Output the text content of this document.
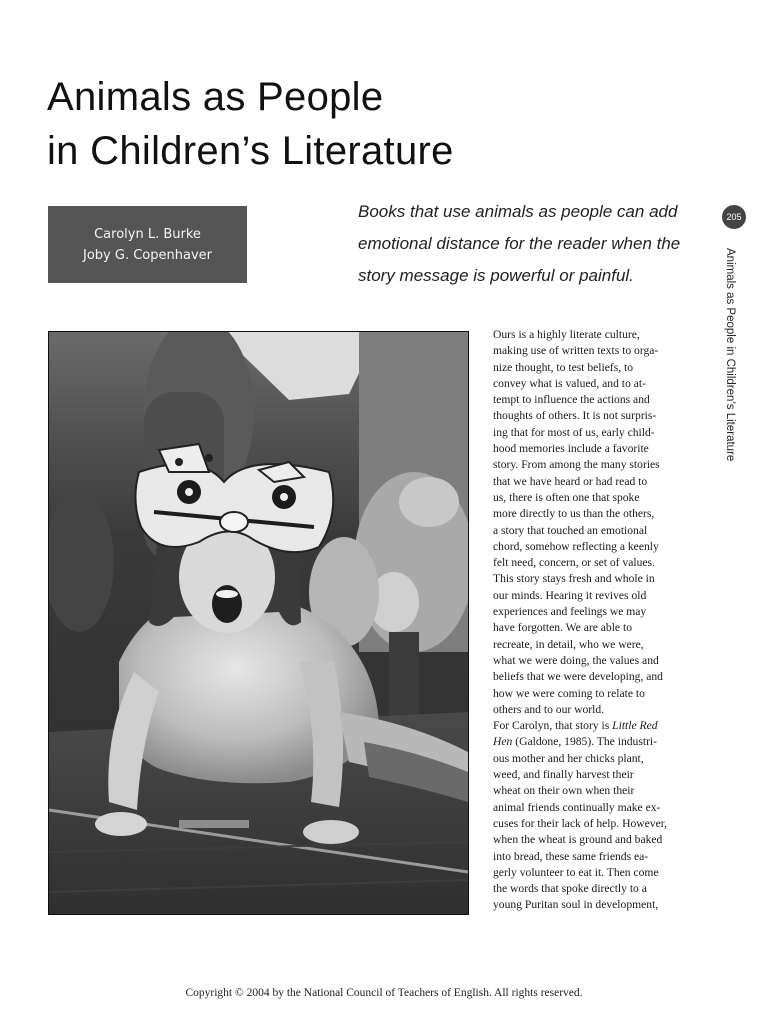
Animals as People
in Children’s Literature
Carolyn L. Burke
Joby G. Copenhaver

Books that use animals as people can add
emotional distance for the reader when the
story message is powerful or painful.

205
Animals as People in Children’s Literature

Ours is a highly literate culture,
making use of written texts to orga-
nize thought, to test beliefs, to
convey what is valued, and to at-
tempt to influence the actions and
thoughts of others. It is not surpris-
ing that for most of us, early child-
hood memories include a favorite
story. From among the many stories
that we have heard or had read to
us, there is often one that spoke
more directly to us than the others,
a story that touched an emotional
chord, somehow reflecting a keenly
felt need, concern, or set of values.
This story stays fresh and whole in
our minds. Hearing it revives old
experiences and feelings we may
have forgotten. We are able to
recreate, in detail, who we were,
what we were doing, the values and
beliefs that we were developing, and
how we were coming to relate to
others and to our world.

For Carolyn, that story is Little Red
Hen (Galdone, 1985). The industri-
ous mother and her chicks plant,
weed, and finally harvest their
wheat on their own when their
animal friends continually make ex-
cuses for their lack of help. However,
when the wheat is ground and baked
into bread, these same friends ea-
gerly volunteer to eat it. Then come
the words that spoke directly to a
young Puritan soul in development,

Copyright © 2004 by the National Council of Teachers of English. All rights reserved.
